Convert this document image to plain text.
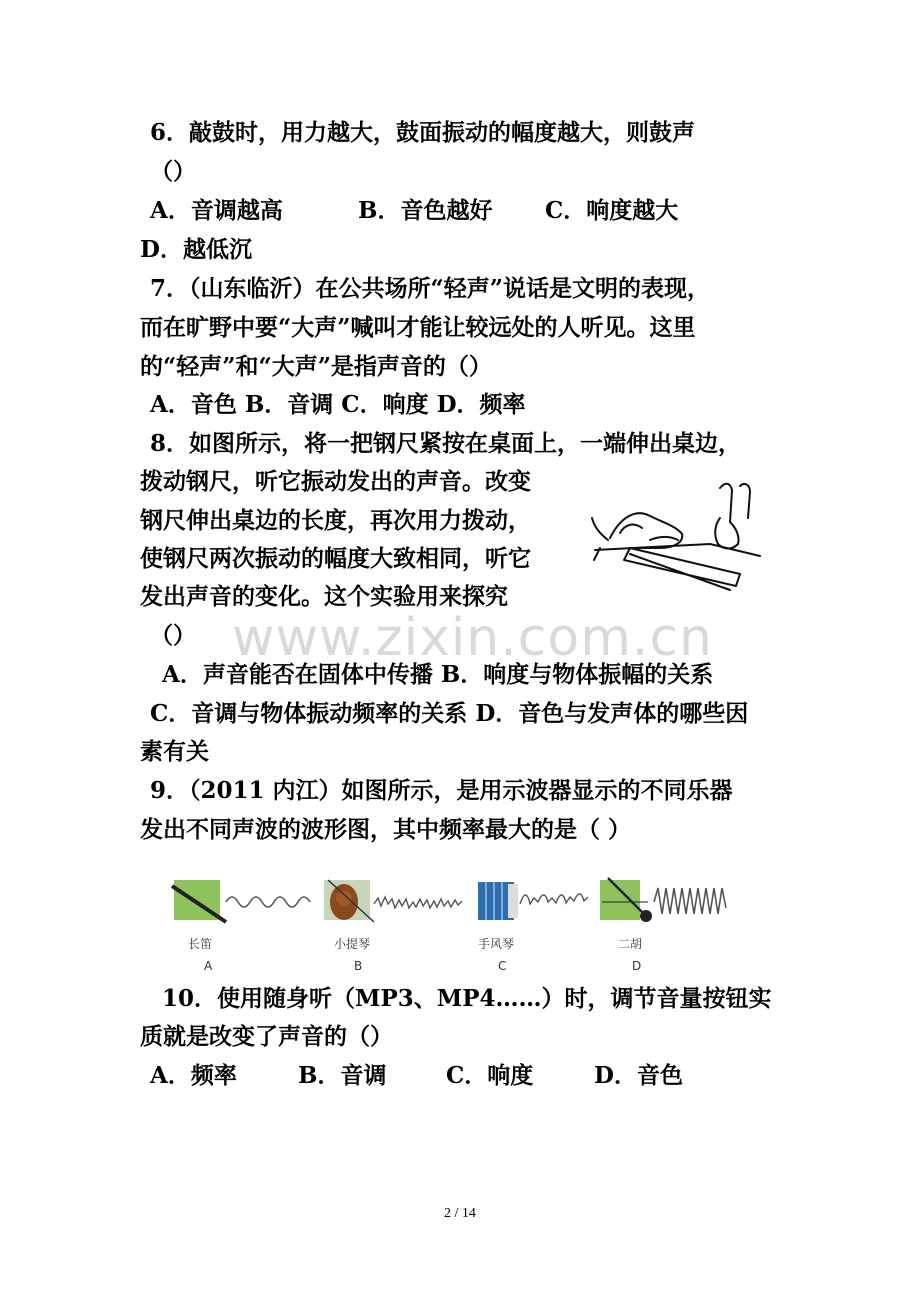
6．敲鼓时，用力越大，鼓面振动的幅度越大，则鼓声
（）
A．音调越高	B．音色越好 C．响度越大
D．越低沉
7．（山东临沂）在公共场所“轻声”说话是文明的表现，
而在旷野中要“大声”喊叫才能让较远处的人听见。这里
的“轻声”和“大声”是指声音的（）
A．音色 B．音调 C．响度 D．频率
8．如图所示，将一把钢尺紧按在桌面上，一端伸出桌边，
拨动钢尺，听它振动发出的声音。改变
钢尺伸出桌边的长度，再次用力拨动，
使钢尺两次振动的幅度大致相同，听它
发出声音的变化。这个实验用来探究
（）
A．声音能否在固体中传播 B．响度与物体振幅的关系
C．音调与物体振动频率的关系 D．音色与发声体的哪些因
素有关
9．（2011 内江）如图所示，是用示波器显示的不同乐器
发出不同声波的波形图，其中频率最大的是（ ）
长笛
A
小提琴
B
手风琴
C
二胡
D
10．使用随身听（MP3、MP4……）时，调节音量按钮实
质就是改变了声音的（）
A．频率	B．音调	C．响度	D．音色
www.zixin.com.cn
2 / 14
